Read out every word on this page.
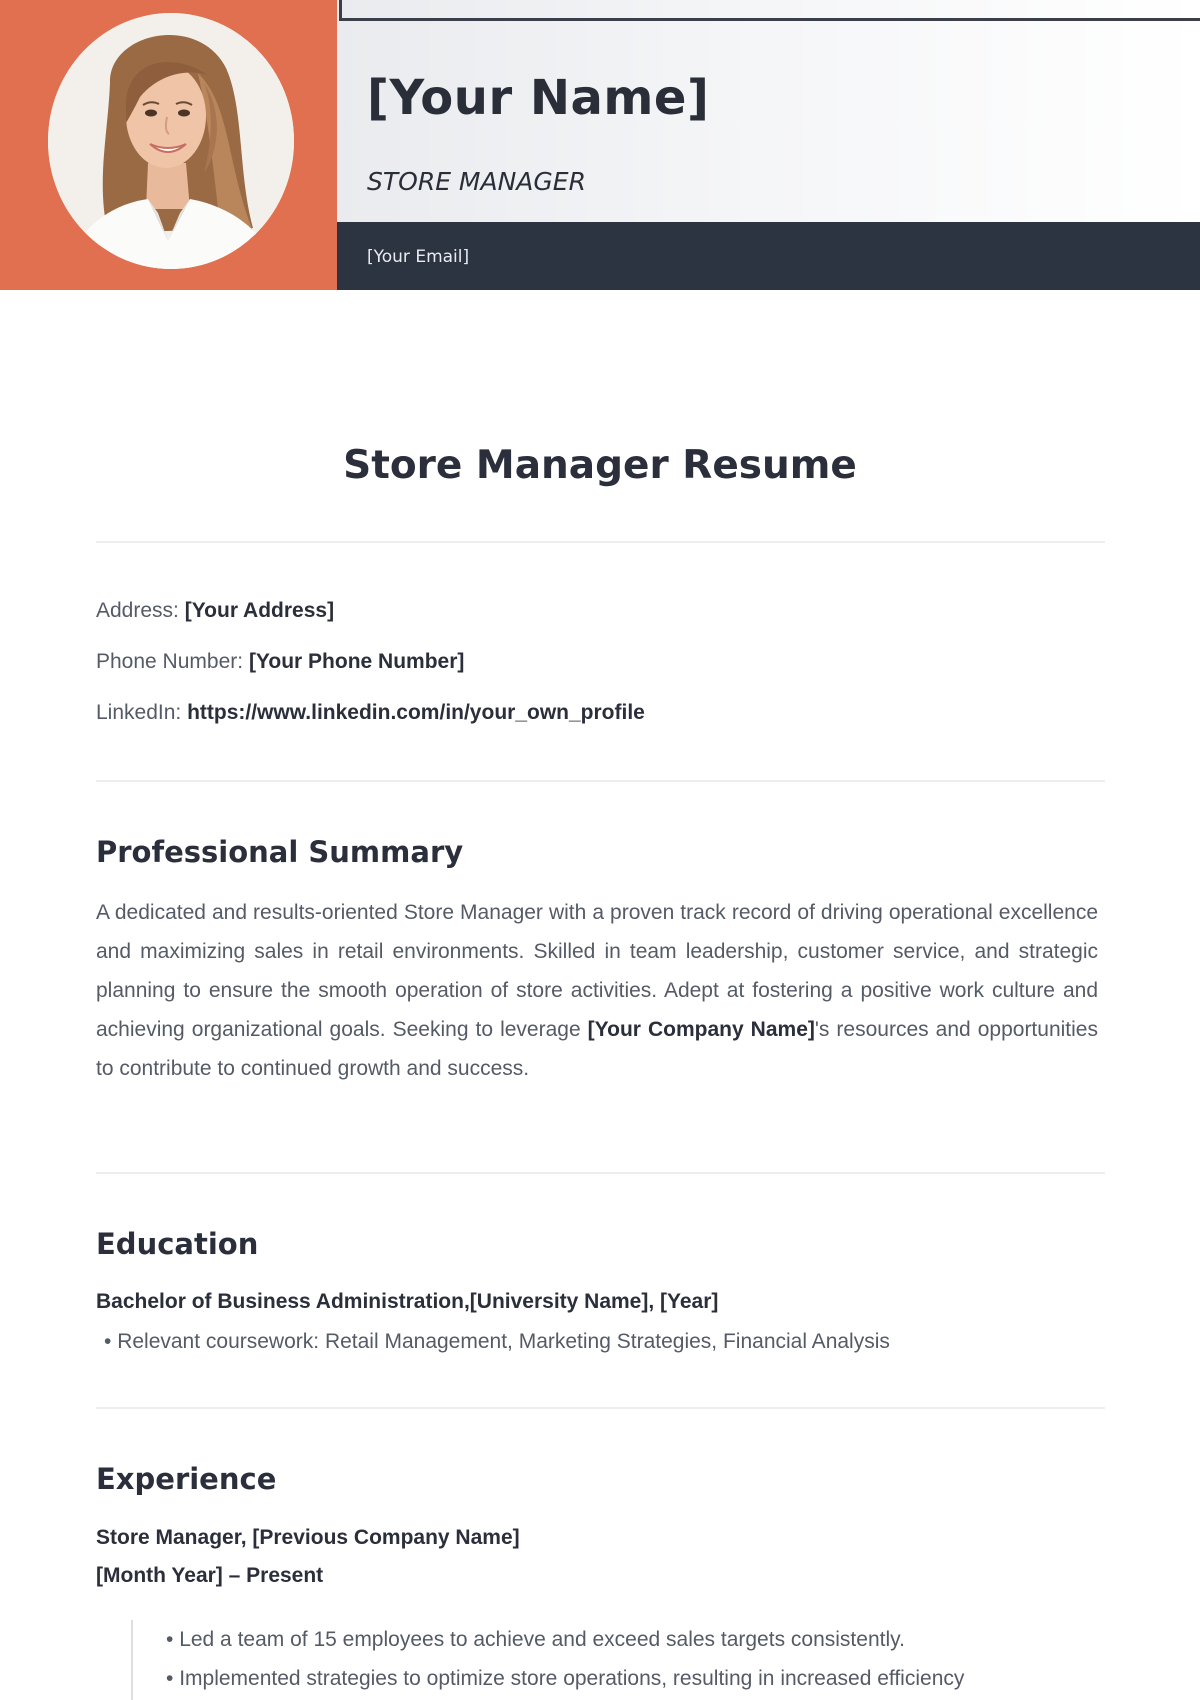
[Your Name]
STORE MANAGER
[Your Email]
Store Manager Resume
Address: [Your Address]
Phone Number: [Your Phone Number]
LinkedIn: https://www.linkedin.com/in/your_own_profile
Professional Summary

A dedicated and results-oriented Store Manager with a proven track record of driving operational excellence and maximizing sales in retail environments. Skilled in team leadership, customer service, and strategic planning to ensure the smooth operation of store activities. Adept at fostering a positive work culture and achieving organizational goals. Seeking to leverage [Your Company Name]'s resources and opportunities to contribute to continued growth and success.

Education
Bachelor of Business Administration,[University Name], [Year]
• Relevant coursework: Retail Management, Marketing Strategies, Financial Analysis
Experience
Store Manager, [Previous Company Name]
[Month Year] – Present
• Led a team of 15 employees to achieve and exceed sales targets consistently.
• Implemented strategies to optimize store operations, resulting in increased efficiency
